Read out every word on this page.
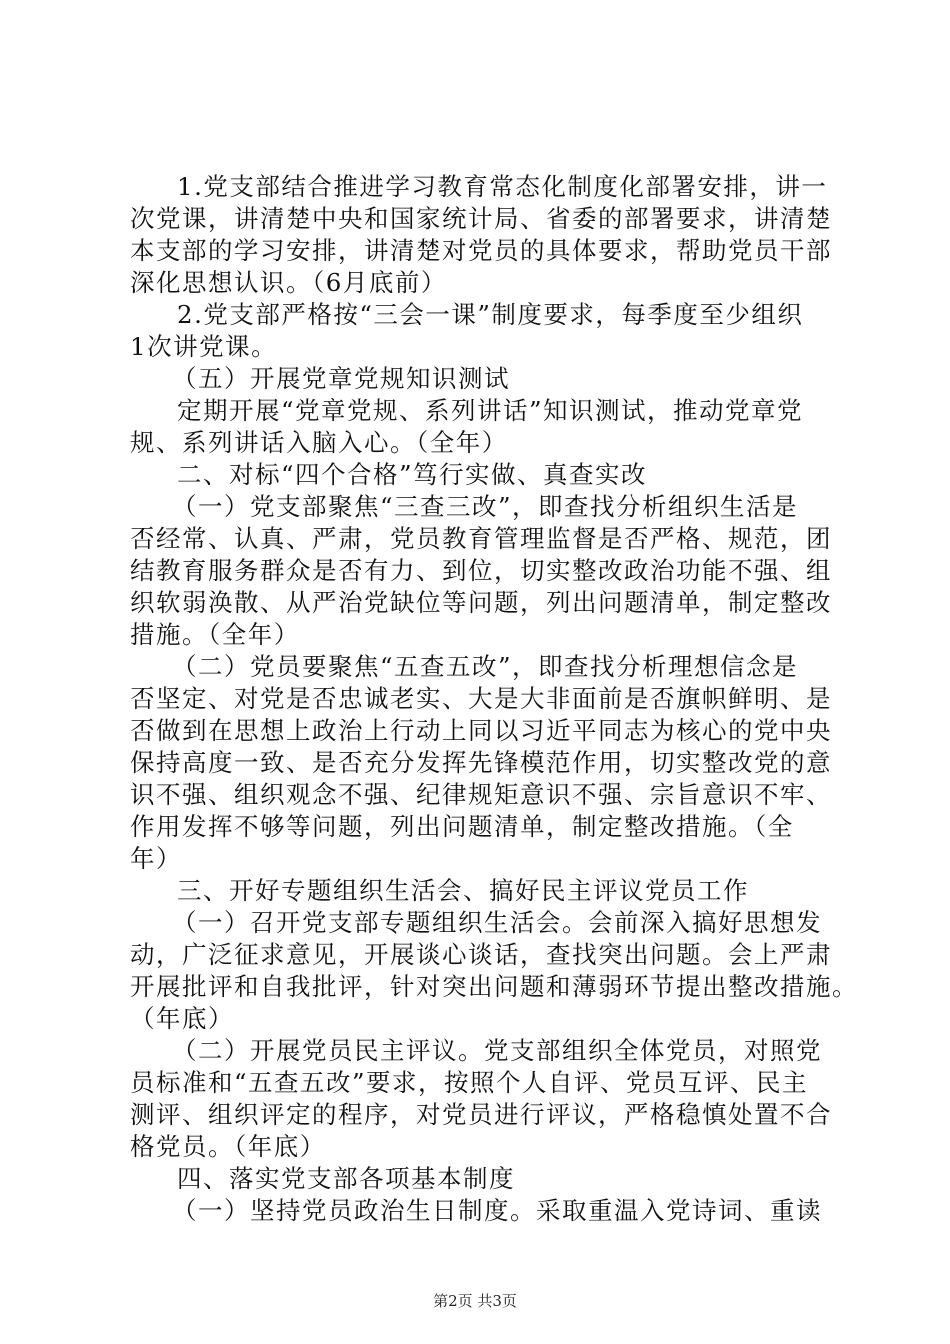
1.党支部结合推进学习教育常态化制度化部署安排，讲一
次党课，讲清楚中央和国家统计局、省委的部署要求，讲清楚
本支部的学习安排，讲清楚对党员的具体要求，帮助党员干部
深化思想认识。（6月底前）
2.党支部严格按“三会一课”制度要求，每季度至少组织
1次讲党课。
（五）开展党章党规知识测试
定期开展“党章党规、系列讲话”知识测试，推动党章党
规、系列讲话入脑入心。（全年）
二、对标“四个合格”笃行实做、真查实改
（一）党支部聚焦“三查三改”，即查找分析组织生活是
否经常、认真、严肃，党员教育管理监督是否严格、规范，团
结教育服务群众是否有力、到位，切实整改政治功能不强、组
织软弱涣散、从严治党缺位等问题，列出问题清单，制定整改
措施。（全年）
（二）党员要聚焦“五查五改”，即查找分析理想信念是
否坚定、对党是否忠诚老实、大是大非面前是否旗帜鲜明、是
否做到在思想上政治上行动上同以习近平同志为核心的党中央
保持高度一致、是否充分发挥先锋模范作用，切实整改党的意
识不强、组织观念不强、纪律规矩意识不强、宗旨意识不牢、
作用发挥不够等问题，列出问题清单，制定整改措施。（全
年）
三、开好专题组织生活会、搞好民主评议党员工作
（一）召开党支部专题组织生活会。会前深入搞好思想发
动，广泛征求意见，开展谈心谈话，查找突出问题。会上严肃
开展批评和自我批评，针对突出问题和薄弱环节提出整改措施。
（年底）
（二）开展党员民主评议。党支部组织全体党员，对照党
员标准和“五查五改”要求，按照个人自评、党员互评、民主
测评、组织评定的程序，对党员进行评议，严格稳慎处置不合
格党员。（年底）
四、落实党支部各项基本制度
（一）坚持党员政治生日制度。采取重温入党诗词、重读
第2页 共3页
